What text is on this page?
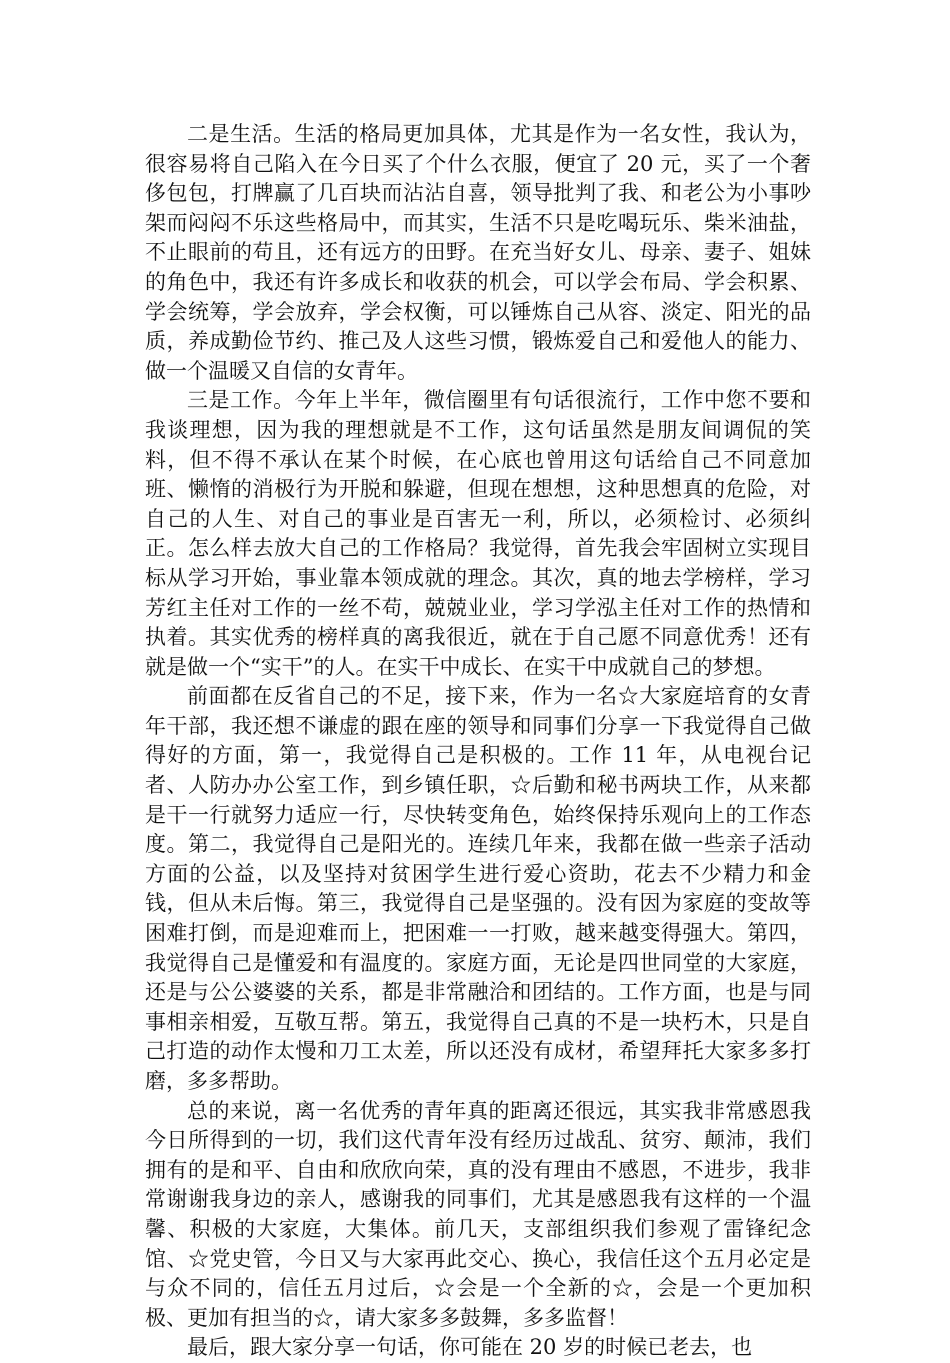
二是生活。生活的格局更加具体，尤其是作为一名女性，我认为，很容易将自己陷入在今日买了个什么衣服，便宜了 20 元，买了一个奢侈包包，打牌赢了几百块而沾沾自喜，领导批判了我、和老公为小事吵架而闷闷不乐这些格局中，而其实，生活不只是吃喝玩乐、柴米油盐，不止眼前的苟且，还有远方的田野。在充当好女儿、母亲、妻子、姐妹的角色中，我还有许多成长和收获的机会，可以学会布局、学会积累、学会统筹，学会放弃，学会权衡，可以锤炼自己从容、淡定、阳光的品质，养成勤俭节约、推己及人这些习惯，锻炼爱自己和爱他人的能力、做一个温暖又自信的女青年。

三是工作。今年上半年，微信圈里有句话很流行，工作中您不要和我谈理想，因为我的理想就是不工作，这句话虽然是朋友间调侃的笑料，但不得不承认在某个时候，在心底也曾用这句话给自己不同意加班、懒惰的消极行为开脱和躲避，但现在想想，这种思想真的危险，对自己的人生、对自己的事业是百害无一利，所以，必须检讨、必须纠正。怎么样去放大自己的工作格局？我觉得，首先我会牢固树立实现目标从学习开始，事业靠本领成就的理念。其次，真的地去学榜样，学习芳红主任对工作的一丝不苟，兢兢业业，学习学泓主任对工作的热情和执着。其实优秀的榜样真的离我很近，就在于自己愿不同意优秀！还有就是做一个“实干”的人。在实干中成长、在实干中成就自己的梦想。

前面都在反省自己的不足，接下来，作为一名☆大家庭培育的女青年干部，我还想不谦虚的跟在座的领导和同事们分享一下我觉得自己做得好的方面，第一，我觉得自己是积极的。工作 11 年，从电视台记者、人防办办公室工作，到乡镇任职，☆后勤和秘书两块工作，从来都是干一行就努力适应一行，尽快转变角色，始终保持乐观向上的工作态度。第二，我觉得自己是阳光的。连续几年来，我都在做一些亲子活动方面的公益，以及坚持对贫困学生进行爱心资助，花去不少精力和金钱，但从未后悔。第三，我觉得自己是坚强的。没有因为家庭的变故等困难打倒，而是迎难而上，把困难一一打败，越来越变得强大。第四，我觉得自己是懂爱和有温度的。家庭方面，无论是四世同堂的大家庭，还是与公公婆婆的关系，都是非常融洽和团结的。工作方面，也是与同事相亲相爱，互敬互帮。第五，我觉得自己真的不是一块朽木，只是自己打造的动作太慢和刀工太差，所以还没有成材，希望拜托大家多多打磨，多多帮助。

总的来说，离一名优秀的青年真的距离还很远，其实我非常感恩我今日所得到的一切，我们这代青年没有经历过战乱、贫穷、颠沛，我们拥有的是和平、自由和欣欣向荣，真的没有理由不感恩，不进步，我非常谢谢我身边的亲人，感谢我的同事们，尤其是感恩我有这样的一个温馨、积极的大家庭，大集体。前几天，支部组织我们参观了雷锋纪念馆、☆党史管，今日又与大家再此交心、换心，我信任这个五月必定是与众不同的，信任五月过后，☆会是一个全新的☆，会是一个更加积极、更加有担当的☆，请大家多多鼓舞，多多监督！

最后，跟大家分享一句话，你可能在 20 岁的时候已老去，也
